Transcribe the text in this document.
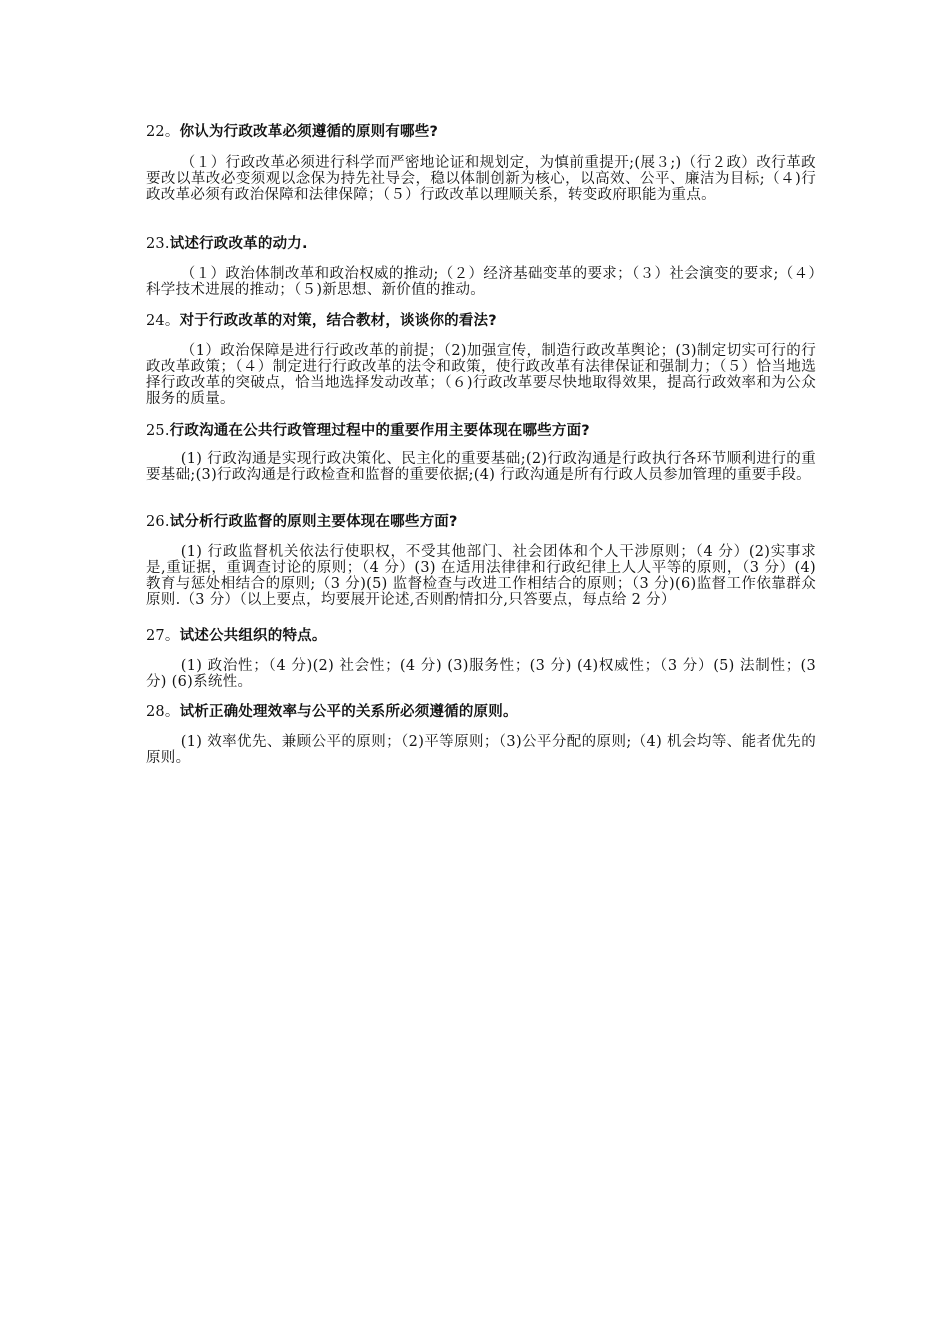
22。你认为行政改革必须遵循的原则有哪些?
（１）行政改革必须进行科学而严密地论证和规划定，为慎前重提开;(展３;)（行２政）改行革政要改以革改必变须观以念保为持先社导会，稳以体制创新为核心，以高效、公平、廉洁为目标;（４)行政改革必须有政治保障和法律保障；（５）行政改革以理顺关系，转变政府职能为重点。
23.试述行政改革的动力.
（１）政治体制改革和政治权威的推动;（２）经济基础变革的要求；（３）社会演变的要求;（４）科学技术进展的推动；（５)新思想、新价值的推动。
24。对于行政改革的对策，结合教材，谈谈你的看法?
（1）政治保障是进行行政改革的前提；（2)加强宣传，制造行政改革舆论；(3)制定切实可行的行政改革政策；（４）制定进行行政改革的法令和政策，使行政改革有法律保证和强制力；（５）恰当地选择行政改革的突破点，恰当地选择发动改革；（６)行政改革要尽快地取得效果，提高行政效率和为公众服务的质量。
25.行政沟通在公共行政管理过程中的重要作用主要体现在哪些方面?
(1) 行政沟通是实现行政决策化、民主化的重要基础;(2)行政沟通是行政执行各环节顺利进行的重要基础;(3)行政沟通是行政检查和监督的重要依据;(4) 行政沟通是所有行政人员参加管理的重要手段。
26.试分析行政监督的原则主要体现在哪些方面?
(1) 行政监督机关依法行使职权，不受其他部门、社会团体和个人干涉原则；（4 分）(2)实事求是,重证据，重调查讨论的原则；（4 分）(3) 在适用法律律和行政纪律上人人平等的原则，（3 分）(4) 教育与惩处相结合的原则;（3 分)(5) 监督检查与改进工作相结合的原则；（3 分)(6)监督工作依靠群众原则.（3 分）（以上要点，均要展开论述,否则酌情扣分,只答要点，每点给 2 分）
27。试述公共组织的特点。
(1) 政治性；（4 分)(2) 社会性；(4 分) (3)服务性；(3 分) (4)权威性；（3 分）(5) 法制性；(3 分) (6)系统性。
28。试析正确处理效率与公平的关系所必须遵循的原则。
(1) 效率优先、兼顾公平的原则；（2)平等原则；（3)公平分配的原则;（4) 机会均等、能者优先的原则。
